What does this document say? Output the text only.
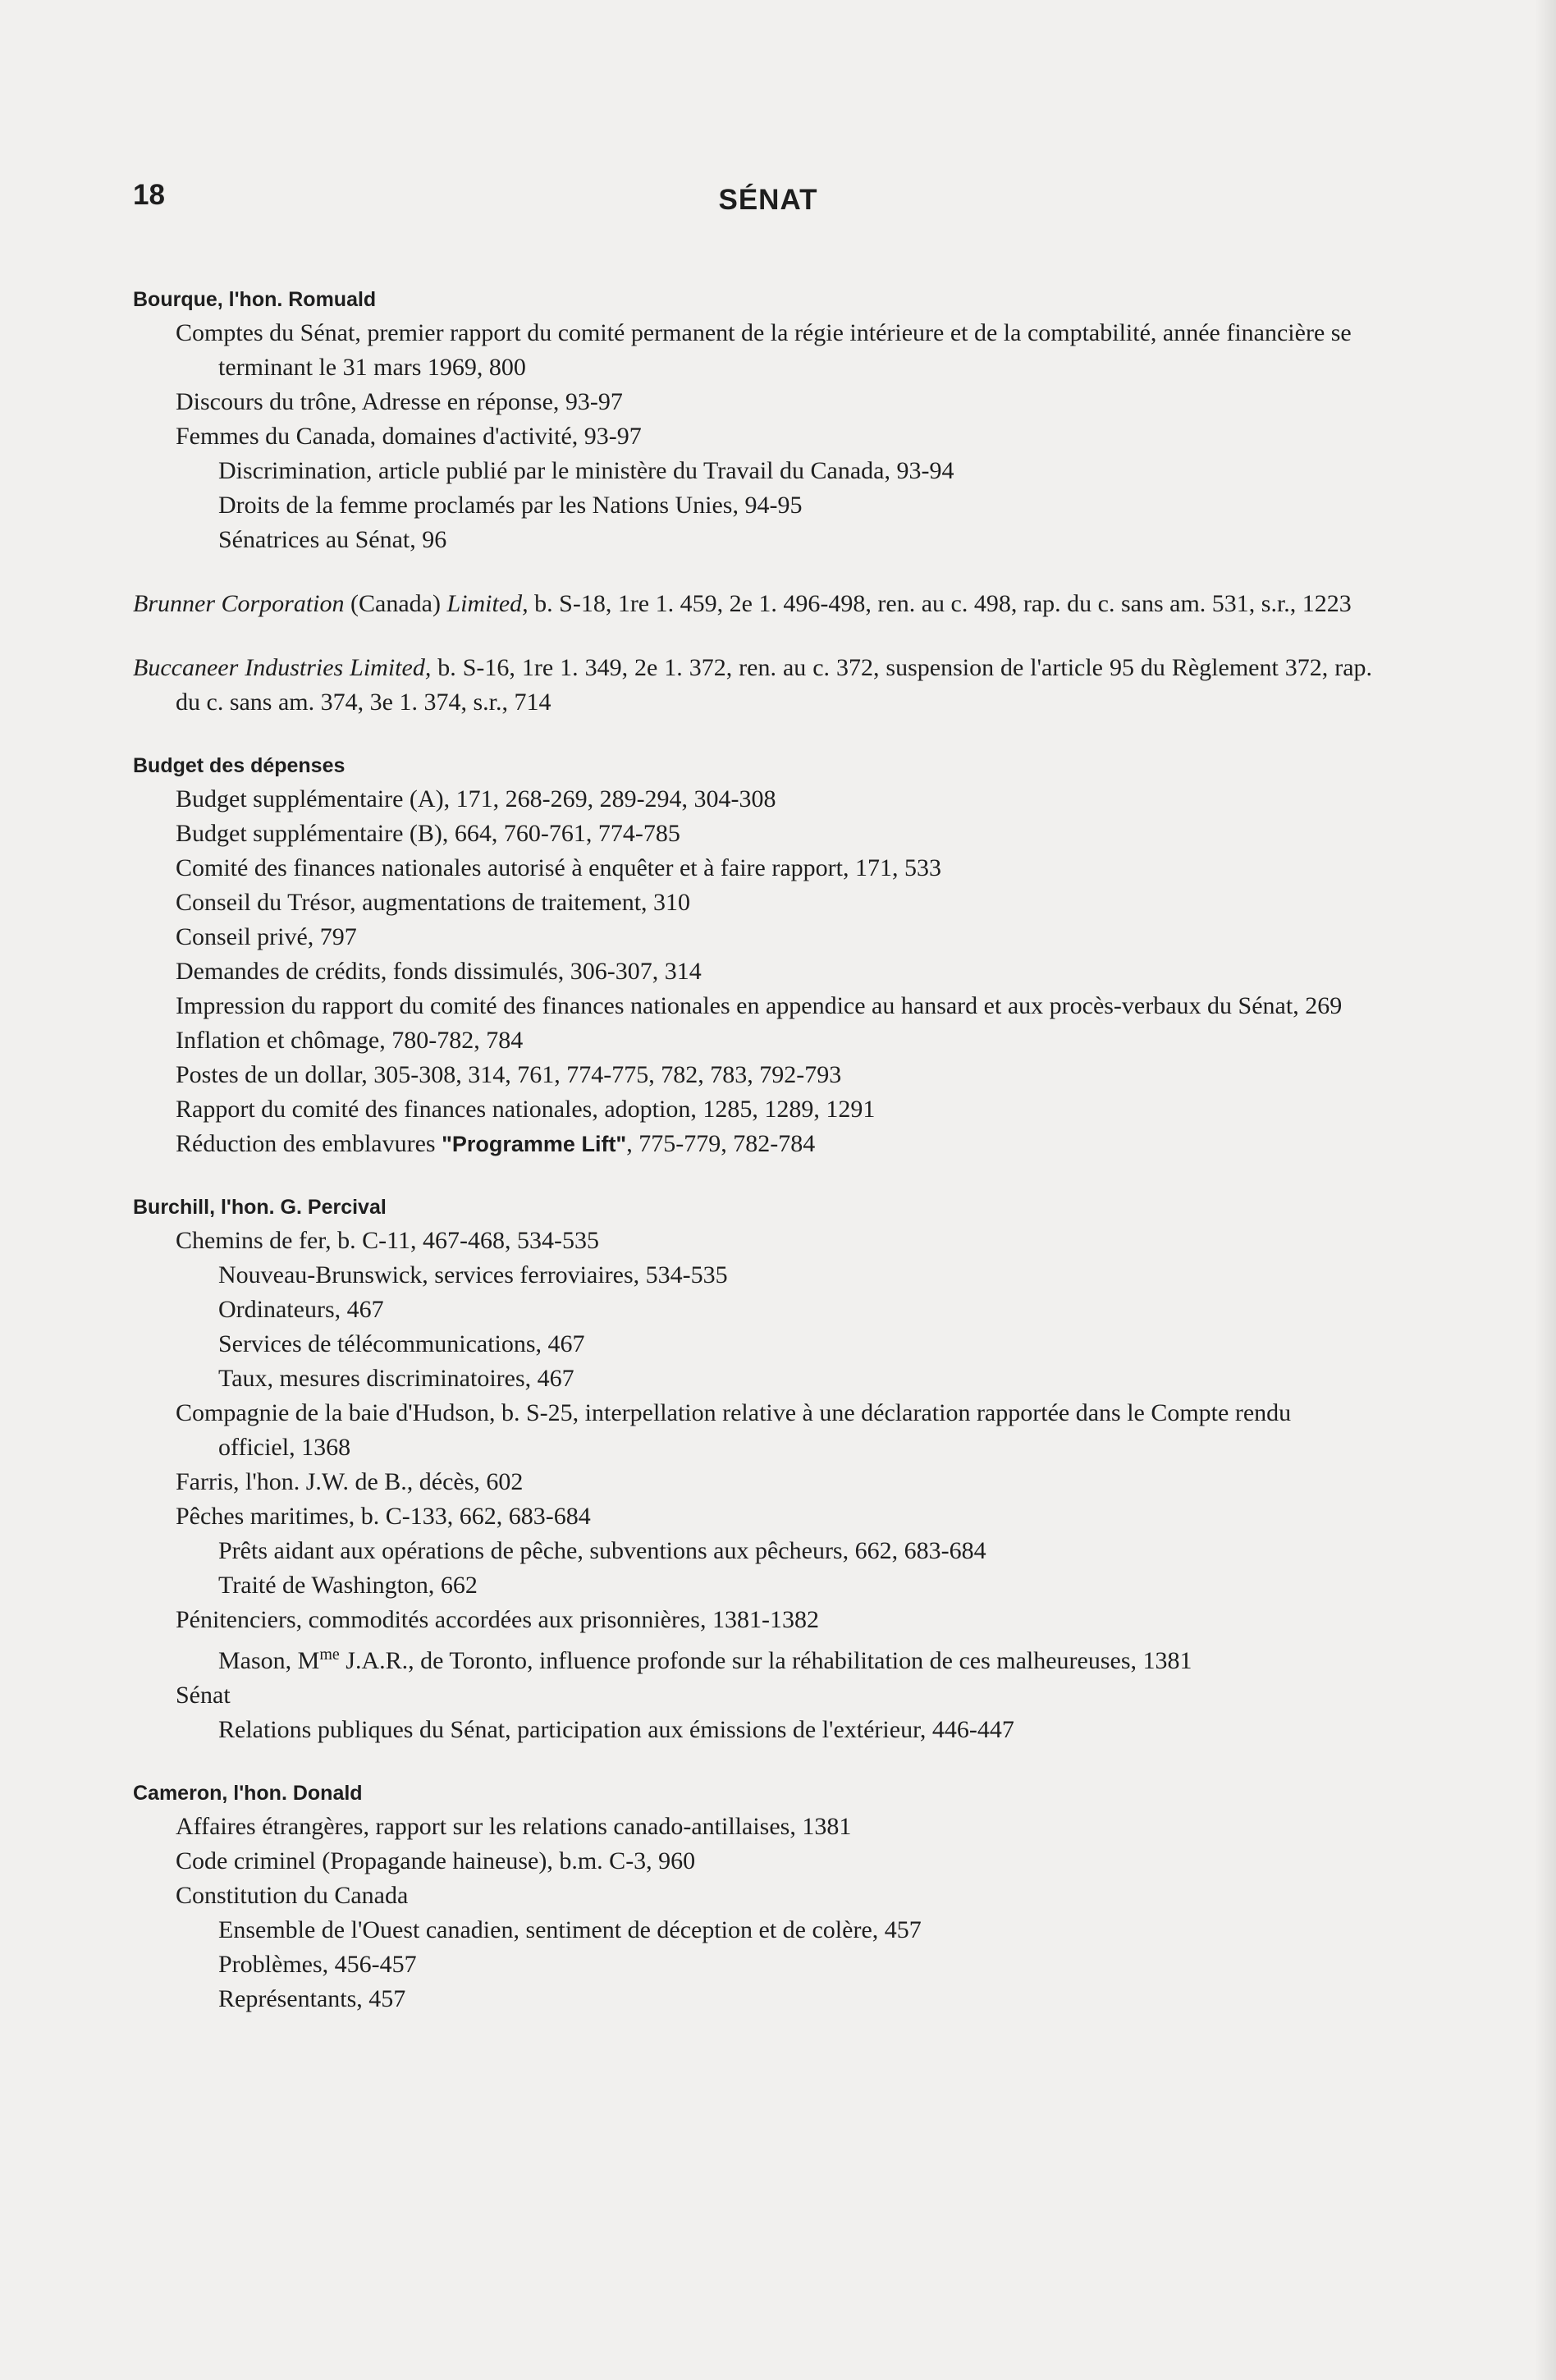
18	SÉNAT
Bourque, l'hon. Romuald
Comptes du Sénat, premier rapport du comité permanent de la régie intérieure et de la comptabilité, année financière se terminant le 31 mars 1969, 800
Discours du trône, Adresse en réponse, 93-97
Femmes du Canada, domaines d'activité, 93-97
Discrimination, article publié par le ministère du Travail du Canada, 93-94
Droits de la femme proclamés par les Nations Unies, 94-95
Sénatrices au Sénat, 96
Brunner Corporation (Canada) Limited, b. S-18, 1re 1. 459, 2e 1. 496-498, ren. au c. 498, rap. du c. sans am. 531, s.r., 1223
Buccaneer Industries Limited, b. S-16, 1re 1. 349, 2e 1. 372, ren. au c. 372, suspension de l'article 95 du Règlement 372, rap. du c. sans am. 374, 3e 1. 374, s.r., 714
Budget des dépenses
Budget supplémentaire (A), 171, 268-269, 289-294, 304-308
Budget supplémentaire (B), 664, 760-761, 774-785
Comité des finances nationales autorisé à enquêter et à faire rapport, 171, 533
Conseil du Trésor, augmentations de traitement, 310
Conseil privé, 797
Demandes de crédits, fonds dissimulés, 306-307, 314
Impression du rapport du comité des finances nationales en appendice au hansard et aux procès-verbaux du Sénat, 269
Inflation et chômage, 780-782, 784
Postes de un dollar, 305-308, 314, 761, 774-775, 782, 783, 792-793
Rapport du comité des finances nationales, adoption, 1285, 1289, 1291
Réduction des emblavures "Programme Lift", 775-779, 782-784
Burchill, l'hon. G. Percival
Chemins de fer, b. C-11, 467-468, 534-535
Nouveau-Brunswick, services ferroviaires, 534-535
Ordinateurs, 467
Services de télécommunications, 467
Taux, mesures discriminatoires, 467
Compagnie de la baie d'Hudson, b. S-25, interpellation relative à une déclaration rapportée dans le Compte rendu officiel, 1368
Farris, l'hon. J.W. de B., décès, 602
Pêches maritimes, b. C-133, 662, 683-684
Prêts aidant aux opérations de pêche, subventions aux pêcheurs, 662, 683-684
Traité de Washington, 662
Pénitenciers, commodités accordées aux prisonnières, 1381-1382
Mason, $M^{me}$ J.A.R., de Toronto, influence profonde sur la réhabilitation de ces malheureuses, 1381
Sénat
Relations publiques du Sénat, participation aux émissions de l'extérieur, 446-447
Cameron, l'hon. Donald
Affaires étrangères, rapport sur les relations canado-antillaises, 1381
Code criminel (Propagande haineuse), b.m. C-3, 960
Constitution du Canada
Ensemble de l'Ouest canadien, sentiment de déception et de colère, 457
Problèmes, 456-457
Représentants, 457
